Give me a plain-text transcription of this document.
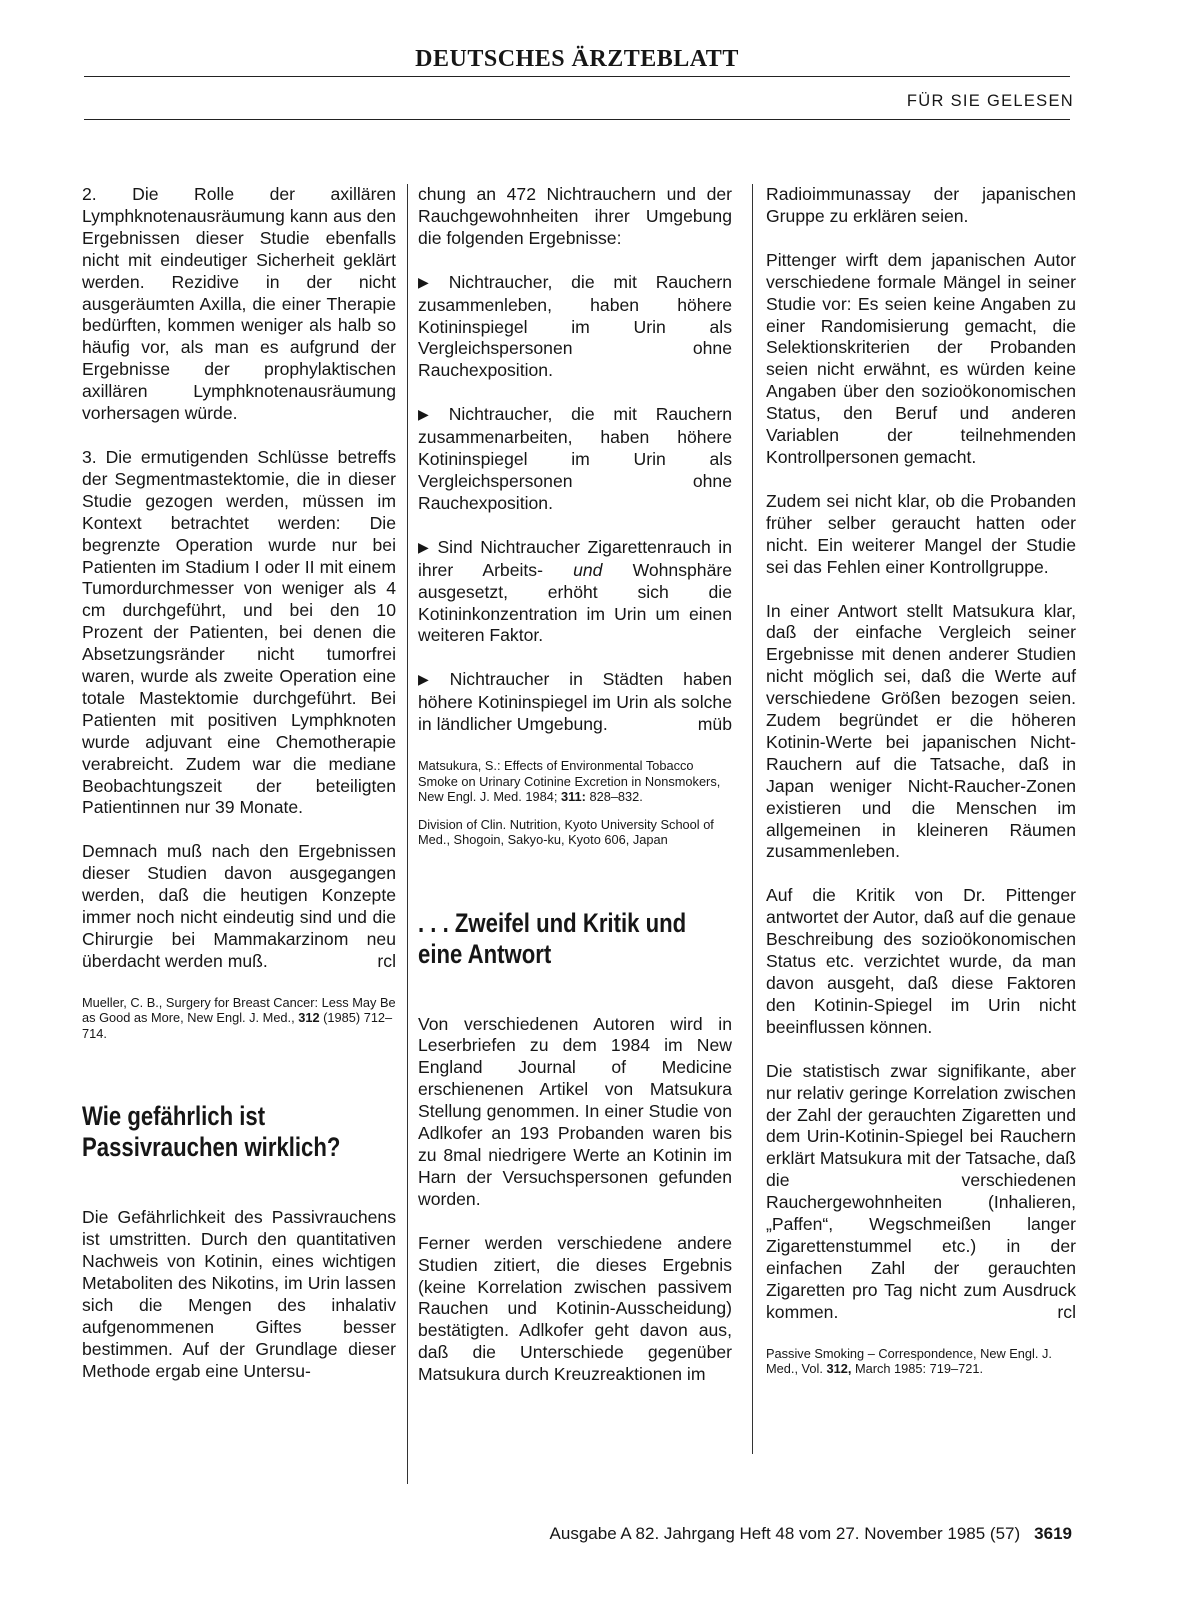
DEUTSCHES ÄRZTEBLATT
FÜR SIE GELESEN

2. Die Rolle der axillären Lymphknotenausräumung kann aus den Ergebnissen dieser Studie ebenfalls nicht mit eindeutiger Sicherheit geklärt werden. Rezidive in der nicht ausgeräumten Axilla, die einer Therapie bedürften, kommen weniger als halb so häufig vor, als man es aufgrund der Ergebnisse der prophylaktischen axillären Lymphknotenausräumung vorhersagen würde.

3. Die ermutigenden Schlüsse betreffs der Segmentmastektomie, die in dieser Studie gezogen werden, müssen im Kontext betrachtet werden: Die begrenzte Operation wurde nur bei Patienten im Stadium I oder II mit einem Tumordurchmesser von weniger als 4 cm durchgeführt, und bei den 10 Prozent der Patienten, bei denen die Absetzungsränder nicht tumorfrei waren, wurde als zweite Operation eine totale Mastektomie durchgeführt. Bei Patienten mit positiven Lymphknoten wurde adjuvant eine Chemotherapie verabreicht. Zudem war die mediane Beobachtungszeit der beteiligten Patientinnen nur 39 Monate.

Demnach muß nach den Ergebnissen dieser Studien davon ausgegangen werden, daß die heutigen Konzepte immer noch nicht eindeutig sind und die Chirurgie bei Mammakarzinom neu überdacht werden muß.	rcl

Mueller, C. B., Surgery for Breast Cancer: Less May Be as Good as More, New Engl. J. Med., 312 (1985) 712–714.

Wie gefährlich ist Passivrauchen wirklich?

Die Gefährlichkeit des Passivrauchens ist umstritten. Durch den quantitativen Nachweis von Kotinin, eines wichtigen Metaboliten des Nikotins, im Urin lassen sich die Mengen des inhalativ aufgenommenen Giftes besser bestimmen. Auf der Grundlage dieser Methode ergab eine Untersu-

chung an 472 Nichtrauchern und der Rauchgewohnheiten ihrer Umgebung die folgenden Ergebnisse:

▶ Nichtraucher, die mit Rauchern zusammenleben, haben höhere Kotininspiegel im Urin als Vergleichspersonen ohne Rauchexposition.

▶ Nichtraucher, die mit Rauchern zusammenarbeiten, haben höhere Kotininspiegel im Urin als Vergleichspersonen ohne Rauchexposition.

▶ Sind Nichtraucher Zigarettenrauch in ihrer Arbeits- und Wohnsphäre ausgesetzt, erhöht sich die Kotininkonzentration im Urin um einen weiteren Faktor.

▶ Nichtraucher in Städten haben höhere Kotininspiegel im Urin als solche in ländlicher Umgebung.	müb

Matsukura, S.: Effects of Environmental Tobacco Smoke on Urinary Cotinine Excretion in Nonsmokers, New Engl. J. Med. 1984; 311: 828–832.

Division of Clin. Nutrition, Kyoto University School of Med., Shogoin, Sakyo-ku, Kyoto 606, Japan

. . . Zweifel und Kritik und eine Antwort

Von verschiedenen Autoren wird in Leserbriefen zu dem 1984 im New England Journal of Medicine erschienenen Artikel von Matsukura Stellung genommen. In einer Studie von Adlkofer an 193 Probanden waren bis zu 8mal niedrigere Werte an Kotinin im Harn der Versuchspersonen gefunden worden.

Ferner werden verschiedene andere Studien zitiert, die dieses Ergebnis (keine Korrelation zwischen passivem Rauchen und Kotinin-Ausscheidung) bestätigten. Adlkofer geht davon aus, daß die Unterschiede gegenüber Matsukura durch Kreuzreaktionen im

Radioimmunassay der japanischen Gruppe zu erklären seien.

Pittenger wirft dem japanischen Autor verschiedene formale Mängel in seiner Studie vor: Es seien keine Angaben zu einer Randomisierung gemacht, die Selektionskriterien der Probanden seien nicht erwähnt, es würden keine Angaben über den sozioökonomischen Status, den Beruf und anderen Variablen der teilnehmenden Kontrollpersonen gemacht.

Zudem sei nicht klar, ob die Probanden früher selber geraucht hatten oder nicht. Ein weiterer Mangel der Studie sei das Fehlen einer Kontrollgruppe.

In einer Antwort stellt Matsukura klar, daß der einfache Vergleich seiner Ergebnisse mit denen anderer Studien nicht möglich sei, daß die Werte auf verschiedene Größen bezogen seien. Zudem begründet er die höheren Kotinin-Werte bei japanischen Nicht-Rauchern auf die Tatsache, daß in Japan weniger Nicht-Raucher-Zonen existieren und die Menschen im allgemeinen in kleineren Räumen zusammenleben.

Auf die Kritik von Dr. Pittenger antwortet der Autor, daß auf die genaue Beschreibung des sozioökonomischen Status etc. verzichtet wurde, da man davon ausgeht, daß diese Faktoren den Kotinin-Spiegel im Urin nicht beeinflussen können.

Die statistisch zwar signifikante, aber nur relativ geringe Korrelation zwischen der Zahl der gerauchten Zigaretten und dem Urin-Kotinin-Spiegel bei Rauchern erklärt Matsukura mit der Tatsache, daß die verschiedenen Rauchergewohnheiten (Inhalieren, „Paffen“, Wegschmeißen langer Zigarettenstummel etc.) in der einfachen Zahl der gerauchten Zigaretten pro Tag nicht zum Ausdruck kommen.	rcl

Passive Smoking – Correspondence, New Engl. J. Med., Vol. 312, March 1985: 719–721.

Ausgabe A 82. Jahrgang Heft 48 vom 27. November 1985 (57) 3619
